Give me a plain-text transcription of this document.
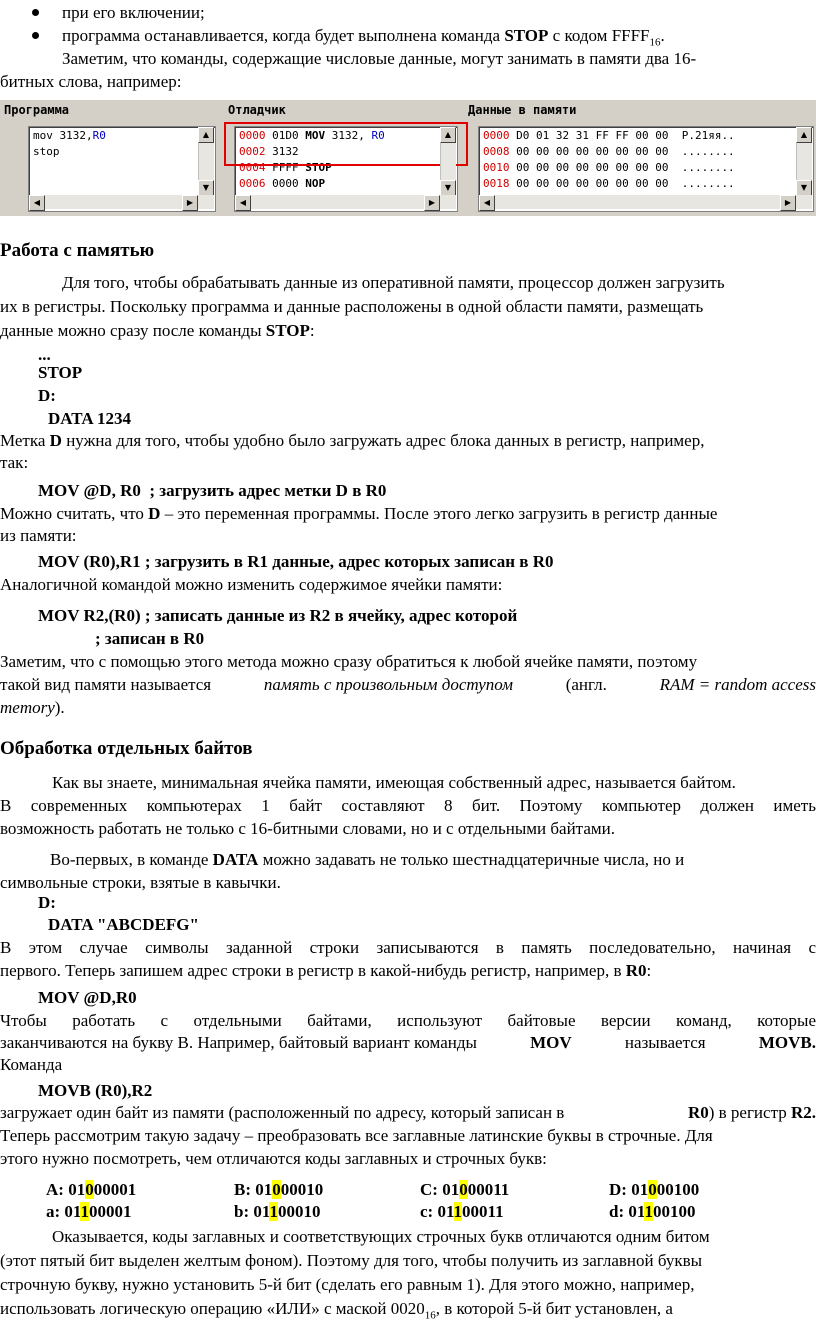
при его включении;
программа останавливается, когда будет выполнена команда STOP с кодом $FFFF_{16}$.
Заметим, что команды, содержащие числовые данные, могут занимать в памяти два 16-
битных слова, например:
Программа	Отладчик	Данные в памяти
mov 3132,R0
stop
▲
▼
◀	▶
0000 01D0 MOV 3132, R0
0002 3132
0004 FFFF STOP
0006 0000 NOP
▲
▼
◀	▶
0000 D0 01 32 31 FF FF 00 00 Р.21яя..
0008 00 00 00 00 00 00 00 00 ........
0010 00 00 00 00 00 00 00 00 ........
0018 00 00 00 00 00 00 00 00 ........
▲
▼
◀	▶
Работа с памятью
Для того, чтобы обрабатывать данные из оперативной памяти, процессор должен загрузить
их в регистры. Поскольку программа и данные расположены в одной области памяти, размещать
данные можно сразу после команды STOP:
...
STOP
D:
DATA 1234
Метка D нужна для того, чтобы удобно было загружать адрес блока данных в регистр, например,
так:
MOV @D, R0  ; загрузить адрес метки D в R0
Можно считать, что D – это переменная программы. После этого легко загрузить в регистр данные
из памяти:
MOV (R0),R1 ; загрузить в R1 данные, адрес которых записан в R0
Аналогичной командой можно изменить содержимое ячейки памяти:
MOV R2,(R0) ; записать данные из R2 в ячейку, адрес которой
; записан в R0
Заметим, что с помощью этого метода можно сразу обратиться к любой ячейке памяти, поэтому
такой вид памяти называется	память с произвольным доступом	(англ.	RAM = random access
memory).
Обработка отдельных байтов
Как вы знаете, минимальная ячейка памяти, имеющая собственный адрес, называется байтом.
В современных компьютерах 1 байт составляют 8 бит. Поэтому компьютер должен иметь
возможность работать не только с 16-битными словами, но и с отдельными байтами.
Во-первых, в команде DATA можно задавать не только шестнадцатеричные числа, но и
символьные строки, взятые в кавычки.
D:
DATA "ABCDEFG"
В этом случае символы заданной строки записываются в память последовательно, начиная с
первого. Теперь запишем адрес строки в регистр в какой-нибудь регистр, например, в R0:
MOV @D,R0
Чтобы работать с отдельными байтами, используют байтовые версии команд, которые
заканчиваются на букву В. Например, байтовый вариант команды	MOV	называется	MOVB.
Команда
MOVB (R0),R2
загружает один байт из памяти (расположенный по адресу, который записан в	R0) в регистр R2.
Теперь рассмотрим такую задачу – преобразовать все заглавные латинские буквы в строчные. Для
этого нужно посмотреть, чем отличаются коды заглавных и строчных букв:
A: 01000001	B: 01000010	C: 01000011	D: 01000100
a: 01100001	b: 01100010	c: 01100011	d: 01100100
Оказывается, коды заглавных и соответствующих строчных букв отличаются одним битом
(этот пятый бит выделен желтым фоном). Поэтому для того, чтобы получить из заглавной буквы
строчную букву, нужно установить 5-й бит (сделать его равным 1). Для этого можно, например,
использовать логическую операцию «ИЛИ» с маской $0020_{16}$, в которой 5-й бит установлен, а
